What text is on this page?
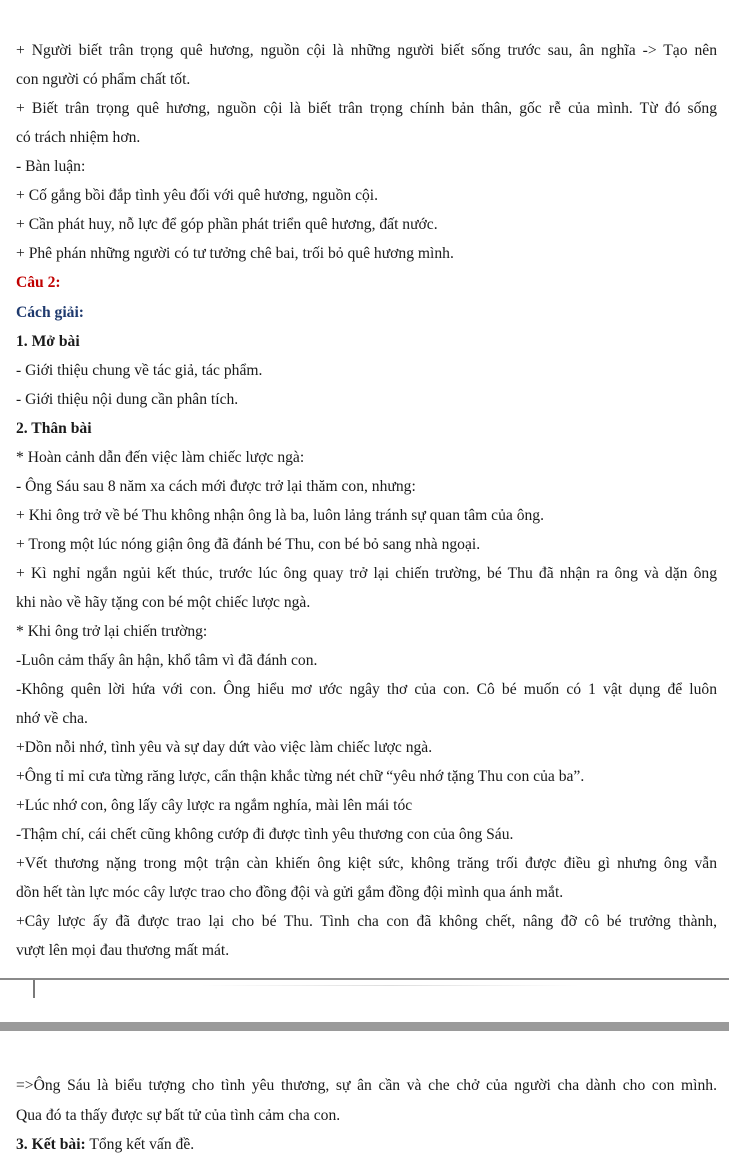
+ Người biết trân trọng quê hương, nguồn cội là những người biết sống trước sau, ân nghĩa -> Tạo nên
con người có phẩm chất tốt.
+ Biết trân trọng quê hương, nguồn cội là biết trân trọng chính bản thân, gốc rễ của mình. Từ đó sống
có trách nhiệm hơn.
- Bàn luận:
+ Cố gắng bồi đắp tình yêu đối với quê hương, nguồn cội.
+ Cần phát huy, nỗ lực để góp phần phát triển quê hương, đất nước.
+ Phê phán những người có tư tưởng chê bai, trối bỏ quê hương mình.
Câu 2:
Cách giải:
1. Mở bài
- Giới thiệu chung về tác giả, tác phẩm.
- Giới thiệu nội dung cần phân tích.
2. Thân bài
* Hoàn cảnh dẫn đến việc làm chiếc lược ngà:
- Ông Sáu sau 8 năm xa cách mới được trở lại thăm con, nhưng:
+ Khi ông trở về bé Thu không nhận ông là ba, luôn lảng tránh sự quan tâm của ông.
+ Trong một lúc nóng giận ông đã đánh bé Thu, con bé bỏ sang nhà ngoại.
+ Kì nghỉ ngắn ngủi kết thúc, trước lúc ông quay trở lại chiến trường, bé Thu đã nhận ra ông và dặn ông
khi nào về hãy tặng con bé một chiếc lược ngà.
* Khi ông trở lại chiến trường:
-Luôn cảm thấy ân hận, khổ tâm vì đã đánh con.
-Không quên lời hứa với con. Ông hiểu mơ ước ngây thơ của con. Cô bé muốn có 1 vật dụng để luôn
nhớ về cha.
+Dồn nỗi nhớ, tình yêu và sự day dứt vào việc làm chiếc lược ngà.
+Ông tỉ mỉ cưa từng răng lược, cẩn thận khắc từng nét chữ “yêu nhớ tặng Thu con của ba”.
+Lúc nhớ con, ông lấy cây lược ra ngắm nghía, mài lên mái tóc
-Thậm chí, cái chết cũng không cướp đi được tình yêu thương con của ông Sáu.
+Vết thương nặng trong một trận càn khiến ông kiệt sức, không trăng trối được điều gì nhưng ông vẫn
dồn hết tàn lực móc cây lược trao cho đồng đội và gửi gắm đồng đội mình qua ánh mắt.
+Cây lược ấy đã được trao lại cho bé Thu. Tình cha con đã không chết, nâng đỡ cô bé trưởng thành,
vượt lên mọi đau thương mất mát.
=>Ông Sáu là biểu tượng cho tình yêu thương, sự ân cần và che chở của người cha dành cho con mình.
Qua đó ta thấy được sự bất tử của tình cảm cha con.
3. Kết bài: Tổng kết vấn đề.
